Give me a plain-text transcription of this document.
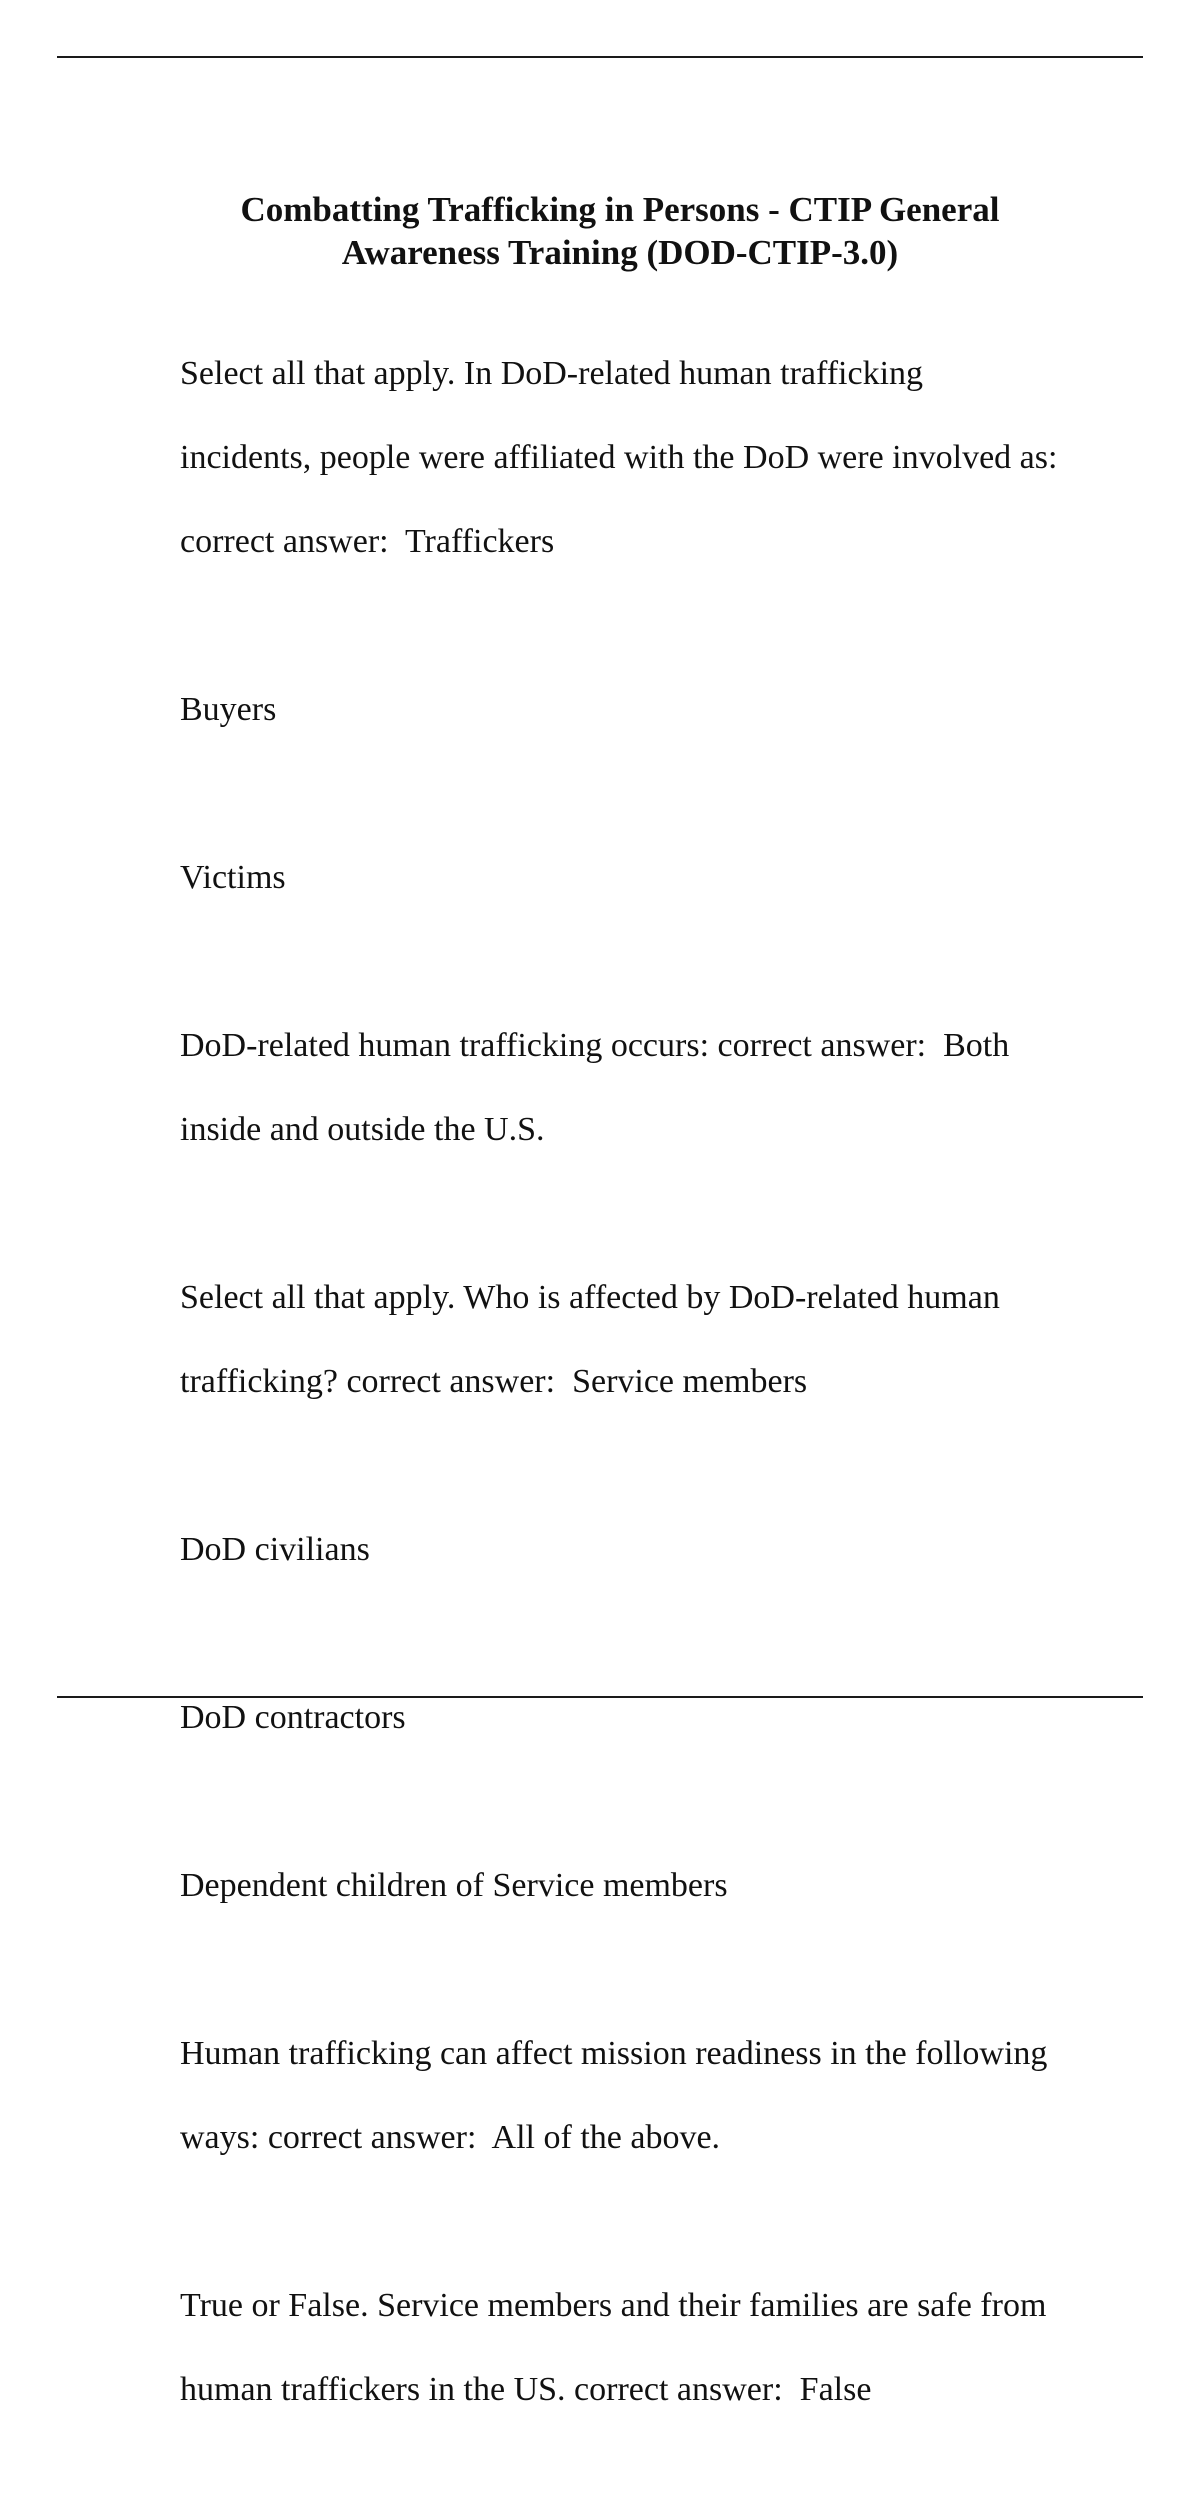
Combatting Trafficking in Persons - CTIP General
Awareness Training (DOD-CTIP-3.0)

Select all that apply. In DoD-related human trafficking

incidents, people were affiliated with the DoD were involved as:

correct answer:  Traffickers

Buyers

Victims

DoD-related human trafficking occurs: correct answer:  Both

inside and outside the U.S.

Select all that apply. Who is affected by DoD-related human

trafficking? correct answer:  Service members

DoD civilians

DoD contractors

Dependent children of Service members

Human trafficking can affect mission readiness in the following

ways: correct answer:  All of the above.

True or False. Service members and their families are safe from

human traffickers in the US. correct answer:  False
